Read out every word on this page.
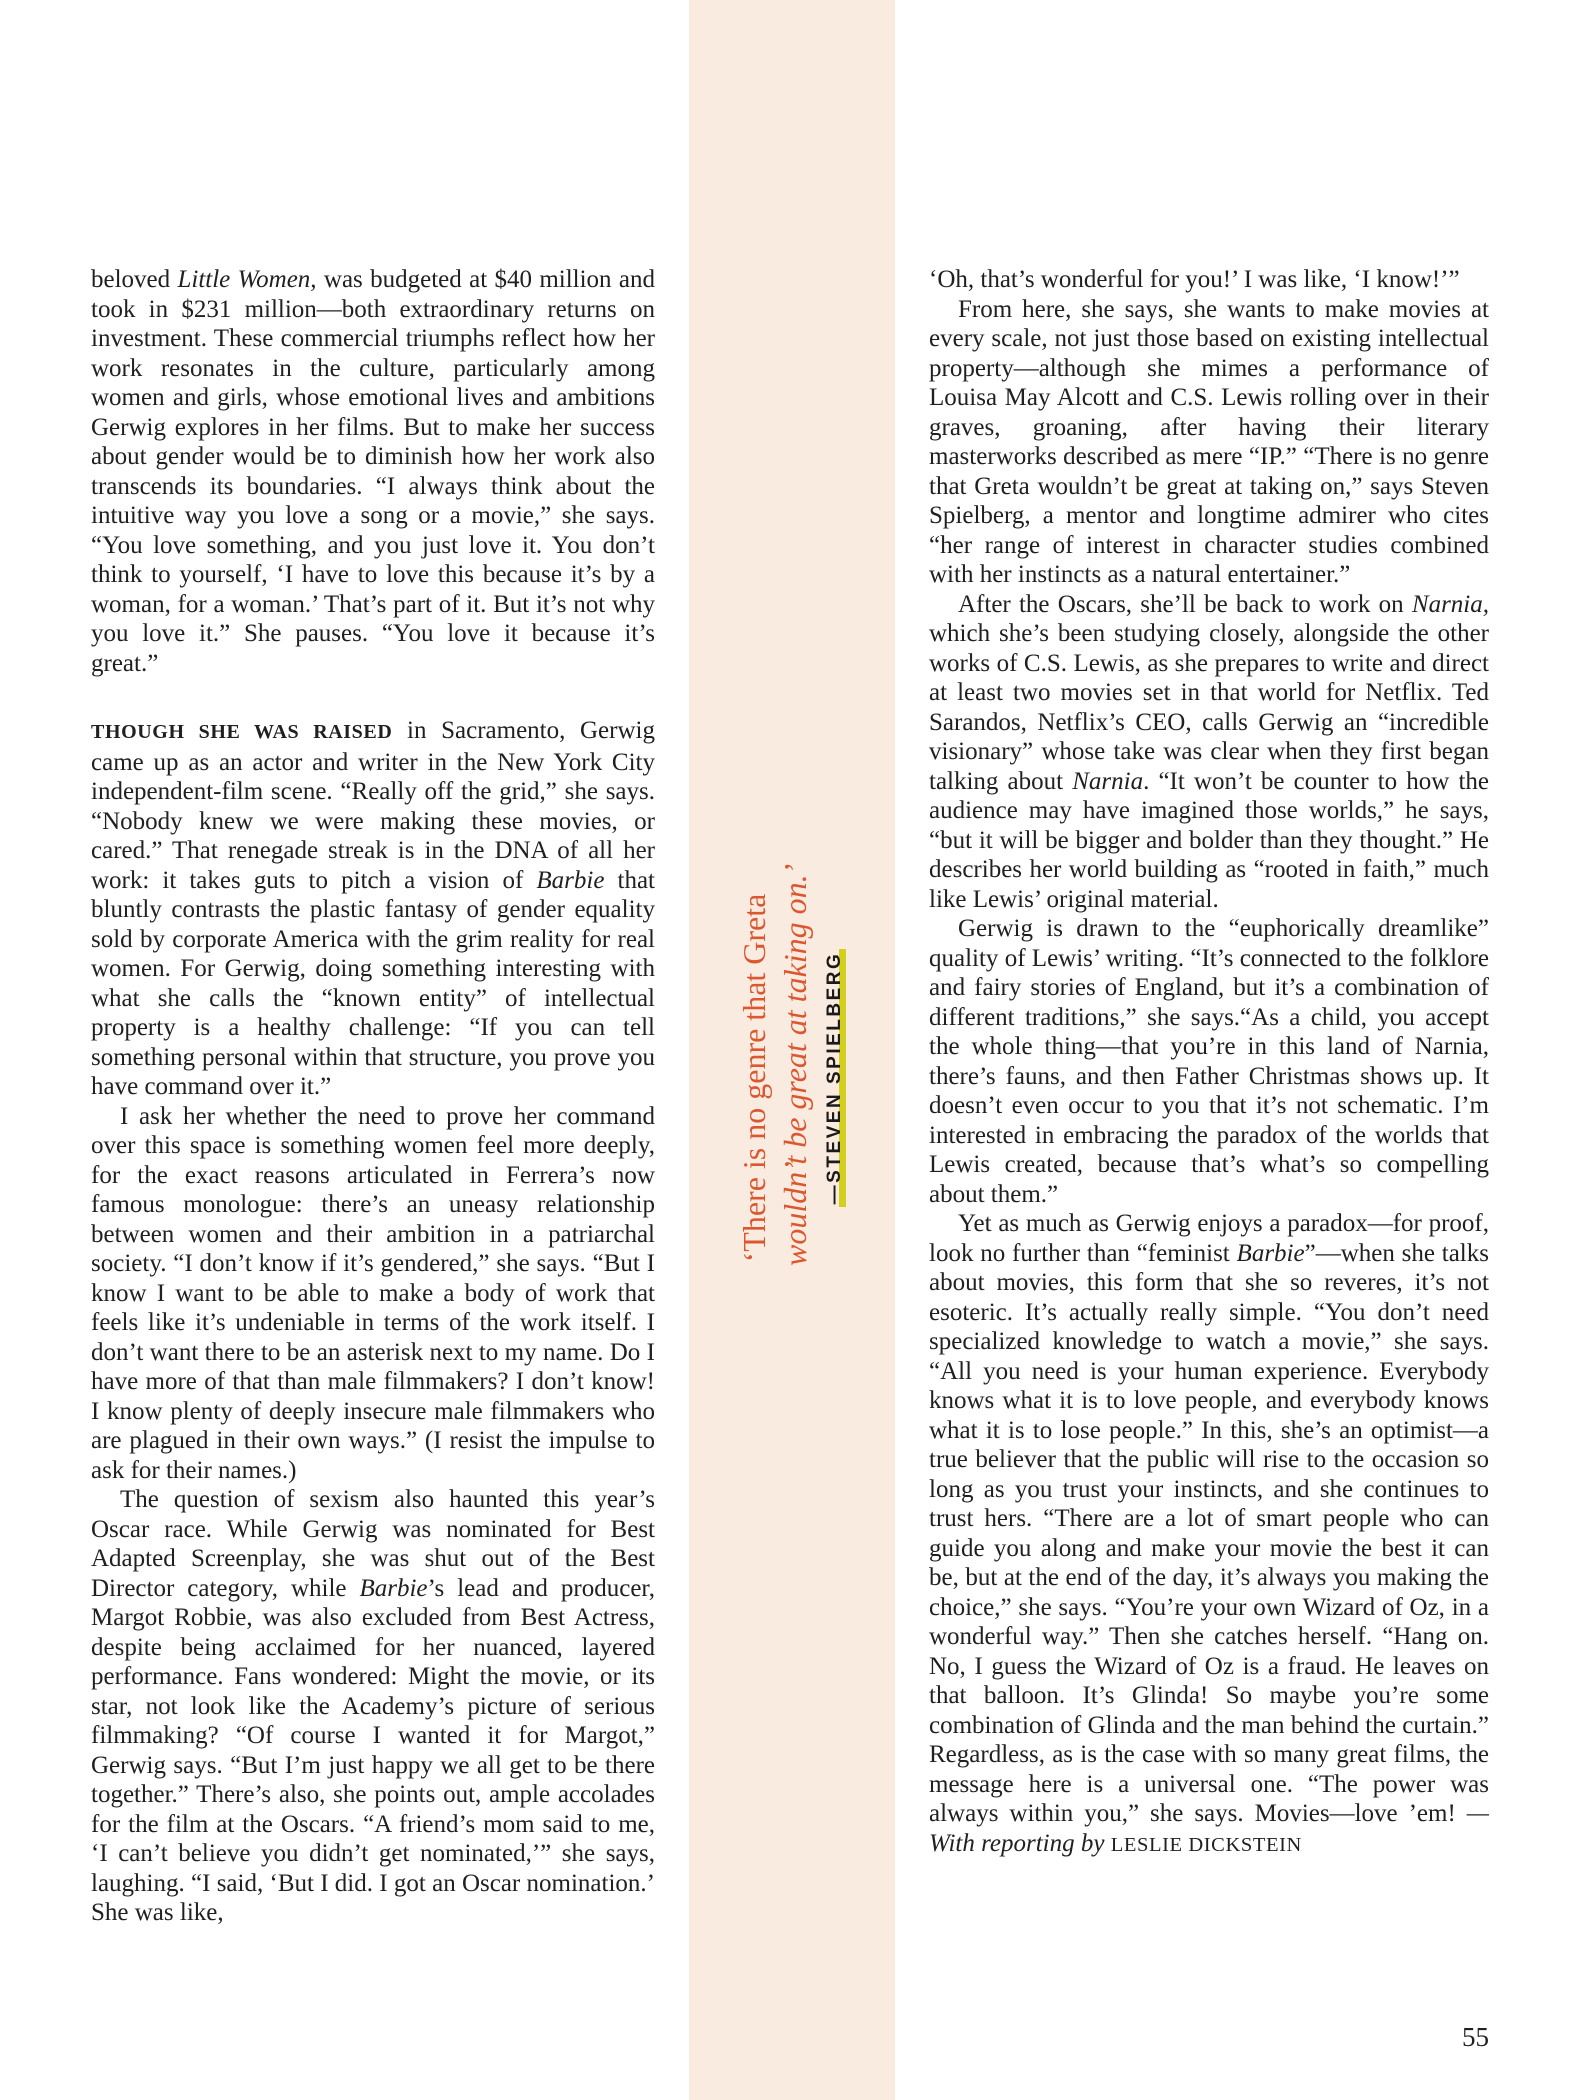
beloved Little Women, was budgeted at $40 million and took in $231 million—both extraordinary returns on investment. These commercial triumphs reflect how her work resonates in the culture, particularly among women and girls, whose emotional lives and ambitions Gerwig explores in her films. But to make her success about gender would be to diminish how her work also transcends its boundaries. “I always think about the intuitive way you love a song or a movie,” she says. “You love something, and you just love it. You don’t think to yourself, ‘I have to love this because it’s by a woman, for a woman.’ That’s part of it. But it’s not why you love it.” She pauses. “You love it because it’s great.”

THOUGH SHE WAS RAISED in Sacramento, Gerwig came up as an actor and writer in the New York City independent-film scene. “Really off the grid,” she says. “Nobody knew we were making these movies, or cared.” That renegade streak is in the DNA of all her work: it takes guts to pitch a vision of Barbie that bluntly contrasts the plastic fantasy of gender equality sold by corporate America with the grim reality for real women. For Gerwig, doing something interesting with what she calls the “known entity” of intellectual property is a healthy challenge: “If you can tell something personal within that structure, you prove you have command over it.”

I ask her whether the need to prove her command over this space is something women feel more deeply, for the exact reasons articulated in Ferrera’s now famous monologue: there’s an uneasy relationship between women and their ambition in a patriarchal society. “I don’t know if it’s gendered,” she says. “But I know I want to be able to make a body of work that feels like it’s undeniable in terms of the work itself. I don’t want there to be an asterisk next to my name. Do I have more of that than male filmmakers? I don’t know! I know plenty of deeply insecure male filmmakers who are plagued in their own ways.” (I resist the impulse to ask for their names.)

The question of sexism also haunted this year’s Oscar race. While Gerwig was nominated for Best Adapted Screenplay, she was shut out of the Best Director category, while Barbie’s lead and producer, Margot Robbie, was also excluded from Best Actress, despite being acclaimed for her nuanced, layered performance. Fans wondered: Might the movie, or its star, not look like the Academy’s picture of serious filmmaking? “Of course I wanted it for Margot,” Gerwig says. “But I’m just happy we all get to be there together.” There’s also, she points out, ample accolades for the film at the Oscars. “A friend’s mom said to me, ‘I can’t believe you didn’t get nominated,’” she says, laughing. “I said, ‘But I did. I got an Oscar nomination.’ She was like,

‘There is no genre that Greta wouldn’t be great at taking on.’ —STEVEN SPIELBERG

‘Oh, that’s wonderful for you!’ I was like, ‘I know!’”

From here, she says, she wants to make movies at every scale, not just those based on existing intellectual property—although she mimes a performance of Louisa May Alcott and C.S. Lewis rolling over in their graves, groaning, after having their literary masterworks described as mere “IP.” “There is no genre that Greta wouldn’t be great at taking on,” says Steven Spielberg, a mentor and longtime admirer who cites “her range of interest in character studies combined with her instincts as a natural entertainer.”

After the Oscars, she’ll be back to work on Narnia, which she’s been studying closely, alongside the other works of C.S. Lewis, as she prepares to write and direct at least two movies set in that world for Netflix. Ted Sarandos, Netflix’s CEO, calls Gerwig an “incredible visionary” whose take was clear when they first began talking about Narnia. “It won’t be counter to how the audience may have imagined those worlds,” he says, “but it will be bigger and bolder than they thought.” He describes her world building as “rooted in faith,” much like Lewis’ original material.

Gerwig is drawn to the “euphorically dreamlike” quality of Lewis’ writing. “It’s connected to the folklore and fairy stories of England, but it’s a combination of different traditions,” she says.“As a child, you accept the whole thing—that you’re in this land of Narnia, there’s fauns, and then Father Christmas shows up. It doesn’t even occur to you that it’s not schematic. I’m interested in embracing the paradox of the worlds that Lewis created, because that’s what’s so compelling about them.”

Yet as much as Gerwig enjoys a paradox—for proof, look no further than “feminist Barbie”—when she talks about movies, this form that she so reveres, it’s not esoteric. It’s actually really simple. “You don’t need specialized knowledge to watch a movie,” she says. “All you need is your human experience. Everybody knows what it is to love people, and everybody knows what it is to lose people.” In this, she’s an optimist—a true believer that the public will rise to the occasion so long as you trust your instincts, and she continues to trust hers. “There are a lot of smart people who can guide you along and make your movie the best it can be, but at the end of the day, it’s always you making the choice,” she says. “You’re your own Wizard of Oz, in a wonderful way.” Then she catches herself. “Hang on. No, I guess the Wizard of Oz is a fraud. He leaves on that balloon. It’s Glinda! So maybe you’re some combination of Glinda and the man behind the curtain.” Regardless, as is the case with so many great films, the message here is a universal one. “The power was always within you,” she says. Movies—love ’em! —With reporting by LESLIE DICKSTEIN

55
